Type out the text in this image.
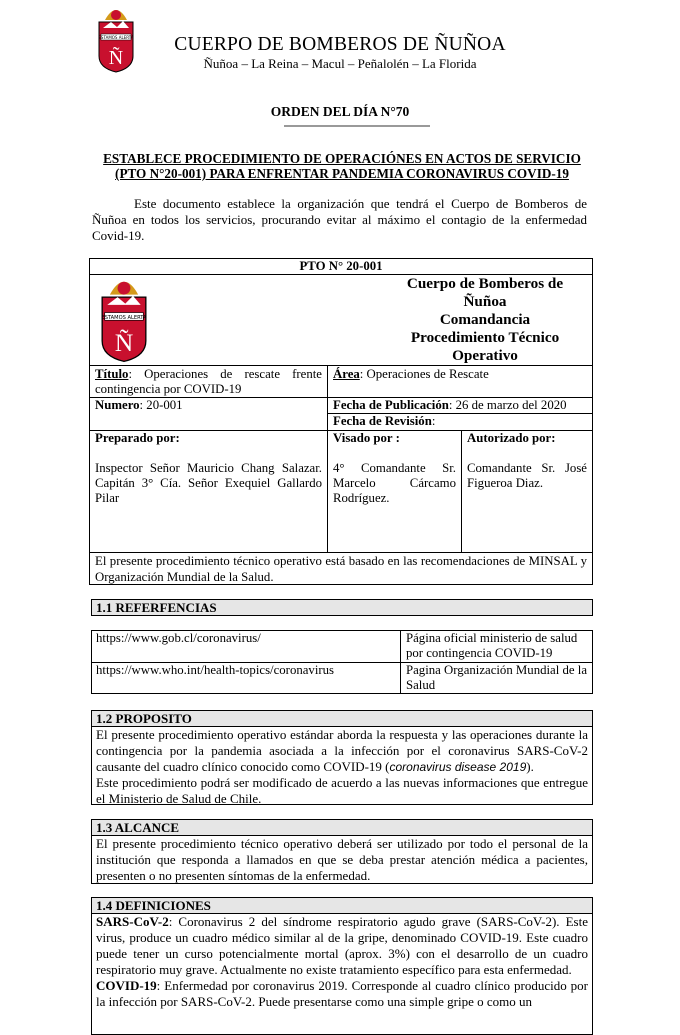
ESTAMOS ALERTA
Ñ
CUERPO DE BOMBEROS DE ÑUÑOA
Ñuñoa – La Reina – Macul – Peñalolén – La Florida
ORDEN DEL DÍA N°70
ESTABLECE PROCEDIMIENTO DE OPERACIÓNES EN ACTOS DE SERVICIO
(PTO N°20-001) PARA ENFRENTAR PANDEMIA CORONAVIRUS COVID-19
Este documento establece la organización que tendrá el Cuerpo de Bomberos de Ñuñoa en todos los servicios, procurando evitar al máximo el contagio de la enfermedad Covid-19.
PTO N° 20-001
ESTAMOS ALERTA
Ñ
Cuerpo de Bomberos de
Ñuñoa
Comandancia
Procedimiento Técnico
Operativo
Título: Operaciones de rescate frente contingencia por COVID-19
Área: Operaciones de Rescate
Numero: 20-001	Fecha de Publicación: 26 de marzo del 2020
Fecha de Revisión:
Preparado por:
Inspector Señor Mauricio Chang Salazar. Capitán 3° Cía. Señor Exequiel Gallardo Pilar
Visado por :
4° Comandante Sr. Marcelo Cárcamo Rodríguez.
Autorizado por:
Comandante Sr. José Figueroa Diaz.
El presente procedimiento técnico operativo está basado en las recomendaciones de MINSAL y Organización Mundial de la Salud.
1.1 REFERFENCIAS
https://www.gob.cl/coronavirus/	Página oficial ministerio de salud por contingencia COVID-19
https://www.who.int/health-topics/coronavirus	Pagina Organización Mundial de la Salud
1.2 PROPOSITO
El presente procedimiento operativo estándar aborda la respuesta y las operaciones durante la contingencia por la pandemia asociada a la infección por el coronavirus SARS-CoV-2 causante del cuadro clínico conocido como COVID-19 (coronavirus disease 2019).
Este procedimiento podrá ser modificado de acuerdo a las nuevas informaciones que entregue el Ministerio de Salud de Chile.
1.3 ALCANCE
El presente procedimiento técnico operativo deberá ser utilizado por todo el personal de la institución que responda a llamados en que se deba prestar atención médica a pacientes, presenten o no presenten síntomas de la enfermedad.
1.4 DEFINICIONES
SARS-CoV-2: Coronavirus 2 del síndrome respiratorio agudo grave (SARS-CoV-2). Este virus, produce un cuadro médico similar al de la gripe, denominado COVID-19. Este cuadro puede tener un curso potencialmente mortal (aprox. 3%) con el desarrollo de un cuadro respiratorio muy grave. Actualmente no existe tratamiento específico para esta enfermedad.
COVID-19: Enfermedad por coronavirus 2019. Corresponde al cuadro clínico producido por la infección por SARS-CoV-2. Puede presentarse como una simple gripe o como un
